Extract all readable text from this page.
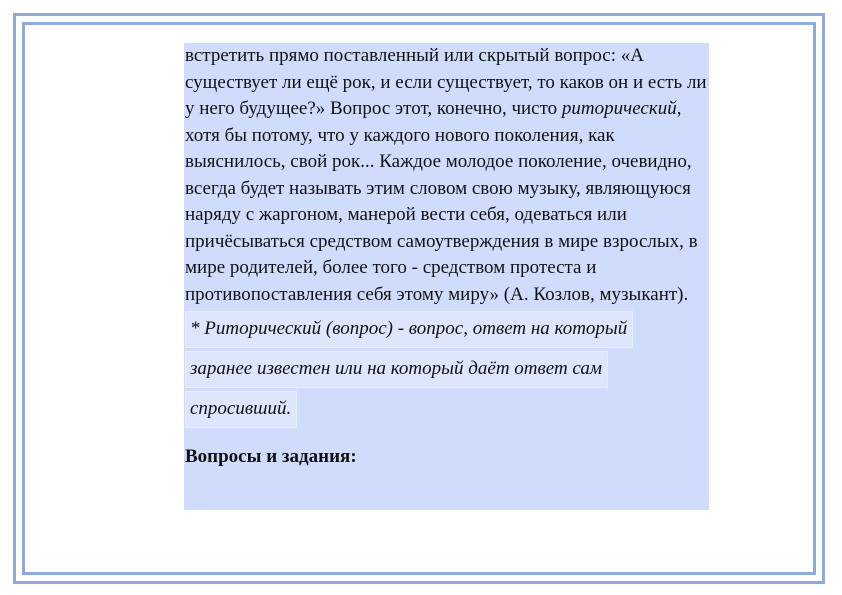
встретить прямо поставленный или скрытый вопрос: «А существует ли ещё рок, и если существует, то каков он и есть ли у него будущее?» Вопрос этот, конечно, чисто риторический, хотя бы потому, что у каждого нового поколения, как выяснилось, свой рок... Каждое молодое поколение, очевидно, всегда будет называть этим словом свою музыку, являющуюся наряду с жаргоном, манерой вести себя, одеваться или причёсываться средством самоутверждения в мире взрослых, в мире родителей, более того - средством протеста и противопоставления себя этому миру» (А. Козлов, музыкант).

* Риторический (вопрос) - вопрос, ответ на который
заранее известен или на который даёт ответ сам
спросивший.
Вопросы и задания:
